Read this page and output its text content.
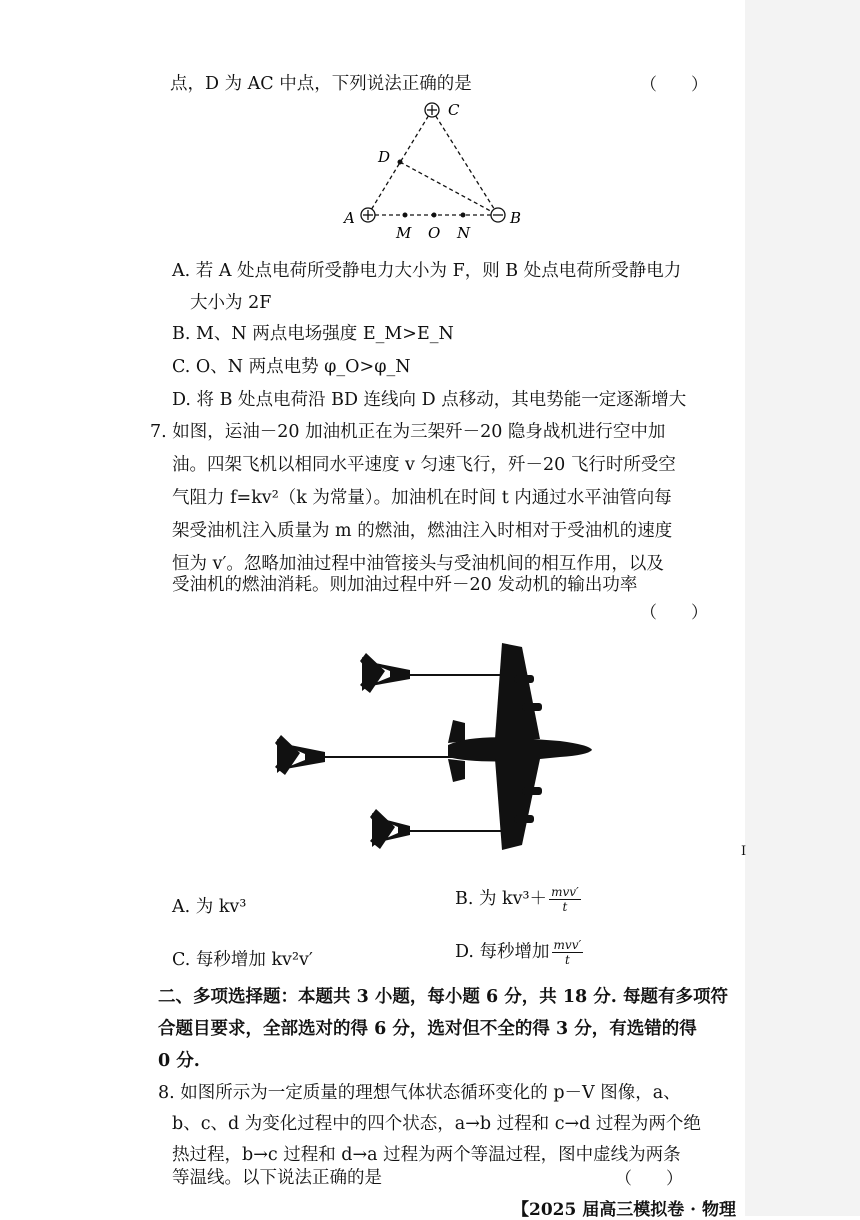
点，D 为 AC 中点，下列说法正确的是	（　　）
C
D
A	B
M O N
A. 若 A 处点电荷所受静电力大小为 F，则 B 处点电荷所受静电力
大小为 2F
B. M、N 两点电场强度 E_M>E_N
C. O、N 两点电势 φ_O>φ_N
D. 将 B 处点电荷沿 BD 连线向 D 点移动，其电势能一定逐渐增大
7. 如图，运油－20 加油机正在为三架歼－20 隐身战机进行空中加
油。四架飞机以相同水平速度 v 匀速飞行，歼－20 飞行时所受空
气阻力 f=kv²（k 为常量）。加油机在时间 t 内通过水平油管向每
架受油机注入质量为 m 的燃油，燃油注入时相对于受油机的速度
恒为 v′。忽略加油过程中油管接头与受油机间的相互作用，以及
受油机的燃油消耗。则加油过程中歼－20 发动机的输出功率
（　　）
A. 为 kv³	B. 为 $kv^3+ \frac{\text{mvv′}}{t}$
C. 每秒增加 kv²v′	D. 每秒增加 $\frac{\text{mvv′}}{t}$
I
二、多项选择题：本题共 3 小题，每小题 6 分，共 18 分. 每题有多项符
合题目要求，全部选对的得 6 分，选对但不全的得 3 分，有选错的得
0 分.
8. 如图所示为一定质量的理想气体状态循环变化的 p－V 图像，a、
b、c、d 为变化过程中的四个状态，a→b 过程和 c→d 过程为两个绝
热过程，b→c 过程和 d→a 过程为两个等温过程，图中虚线为两条
等温线。以下说法正确的是	（　　）
【2025 届高三模拟卷 · 物理
